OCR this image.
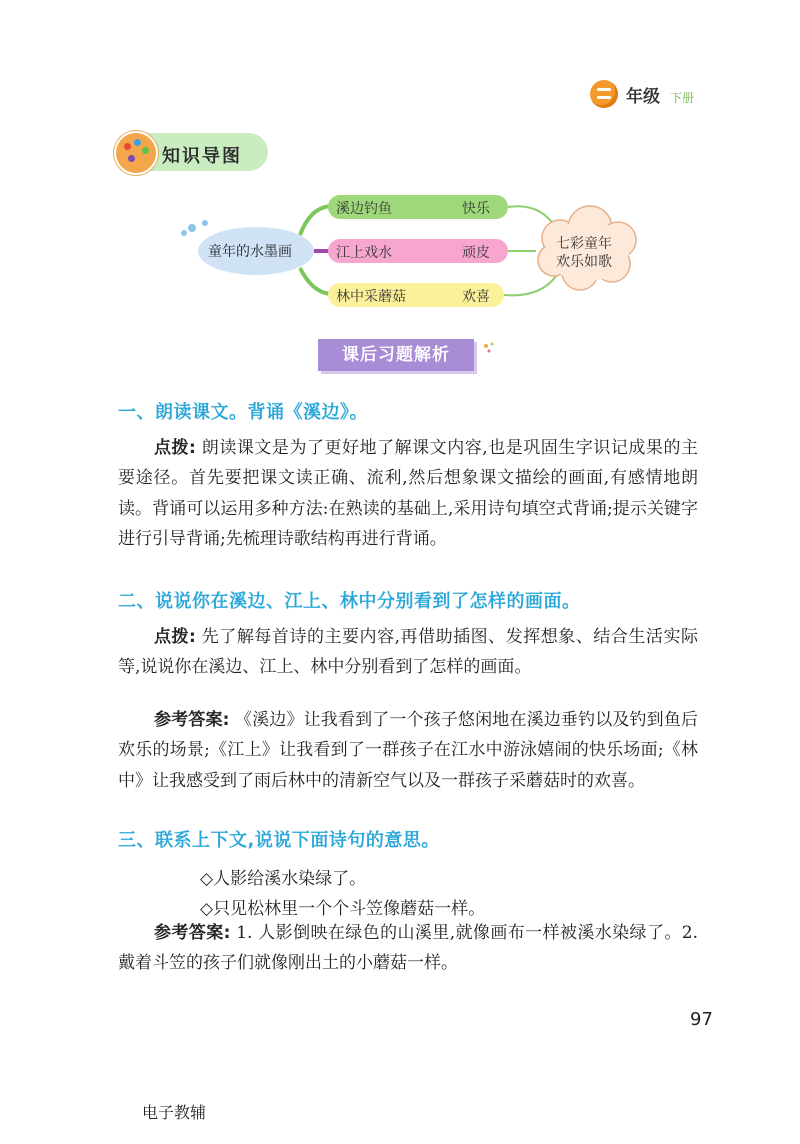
年级 下册
知识导图
童年的水墨画
溪边钓鱼	快乐
江上戏水	顽皮
林中采蘑菇	欢喜
七彩童年
欢乐如歌
课后习题解析
一、朗读课文。背诵《溪边》。
点拨: 朗读课文是为了更好地了解课文内容,也是巩固生字识记成果的主要途径。首先要把课文读正确、流利,然后想象课文描绘的画面,有感情地朗读。背诵可以运用多种方法:在熟读的基础上,采用诗句填空式背诵;提示关键字进行引导背诵;先梳理诗歌结构再进行背诵。
二、说说你在溪边、江上、林中分别看到了怎样的画面。
点拨: 先了解每首诗的主要内容,再借助插图、发挥想象、结合生活实际等,说说你在溪边、江上、林中分别看到了怎样的画面。
参考答案: 《溪边》让我看到了一个孩子悠闲地在溪边垂钓以及钓到鱼后欢乐的场景;《江上》让我看到了一群孩子在江水中游泳嬉闹的快乐场面;《林中》让我感受到了雨后林中的清新空气以及一群孩子采蘑菇时的欢喜。
三、联系上下文,说说下面诗句的意思。
◇人影给溪水染绿了。
◇只见松林里一个个斗笠像蘑菇一样。
参考答案: 1. 人影倒映在绿色的山溪里,就像画布一样被溪水染绿了。2. 戴着斗笠的孩子们就像刚出土的小蘑菇一样。
97
电子教辅
